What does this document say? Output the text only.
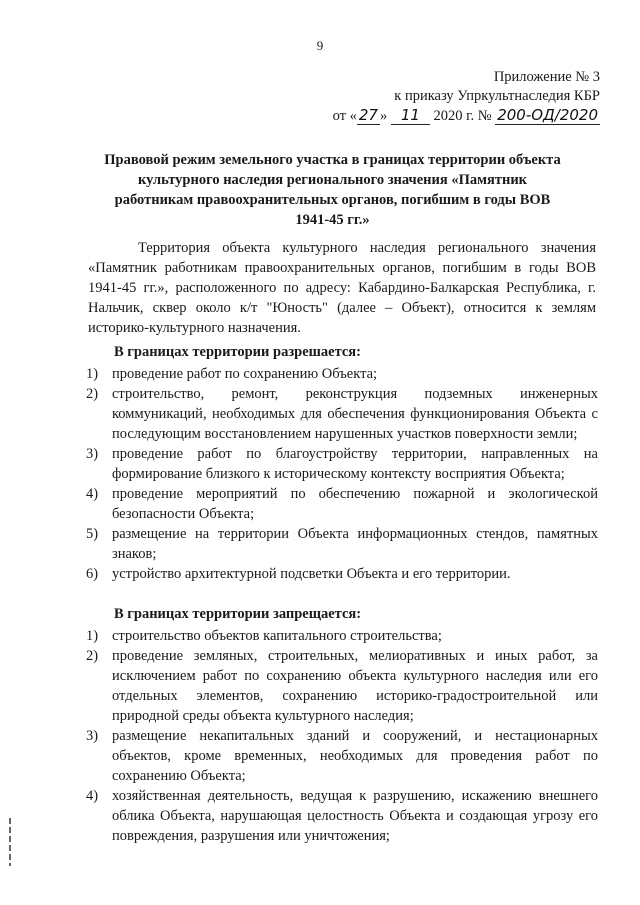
9
Приложение № 3
к приказу Упркультнаследия КБР
от « 27 » 11 2020 г. № 200-ОД/2020
Правовой режим земельного участка в границах территории объекта культурного наследия регионального значения «Памятник работникам правоохранительных органов, погибшим в годы ВОВ 1941-45 гг.»
Территория объекта культурного наследия регионального значения «Памятник работникам правоохранительных органов, погибшим в годы ВОВ 1941-45 гг.», расположенного по адресу: Кабардино-Балкарская Республика, г. Нальчик, сквер около к/т "Юность" (далее – Объект), относится к землям историко-культурного назначения.
В границах территории разрешается:
1) проведение работ по сохранению Объекта;
2) строительство, ремонт, реконструкция подземных инженерных коммуникаций, необходимых для обеспечения функционирования Объекта с последующим восстановлением нарушенных участков поверхности земли;
3) проведение работ по благоустройству территории, направленных на формирование близкого к историческому контексту восприятия Объекта;
4) проведение мероприятий по обеспечению пожарной и экологической безопасности Объекта;
5) размещение на территории Объекта информационных стендов, памятных знаков;
6) устройство архитектурной подсветки Объекта и его территории.
В границах территории запрещается:
1) строительство объектов капитального строительства;
2) проведение земляных, строительных, мелиоративных и иных работ, за исключением работ по сохранению объекта культурного наследия или его отдельных элементов, сохранению историко-градостроительной или природной среды объекта культурного наследия;
3) размещение некапитальных зданий и сооружений, и нестационарных объектов, кроме временных, необходимых для проведения работ по сохранению Объекта;
4) хозяйственная деятельность, ведущая к разрушению, искажению внешнего облика Объекта, нарушающая целостность Объекта и создающая угрозу его повреждения, разрушения или уничтожения;
